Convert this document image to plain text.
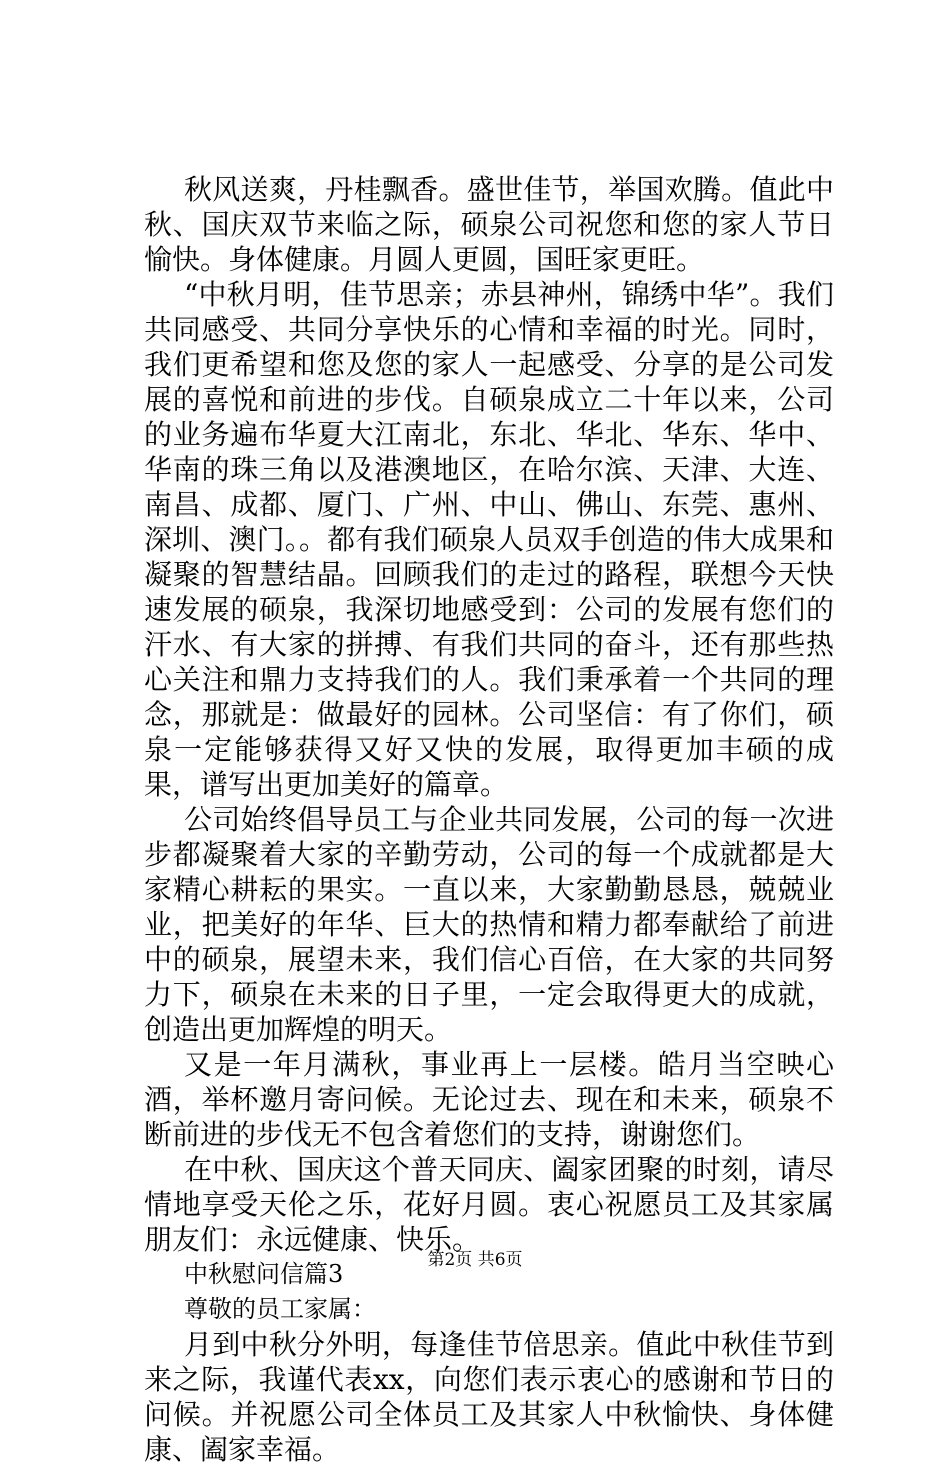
秋风送爽，丹桂飘香。盛世佳节，举国欢腾。值此中秋、国庆双节来临之际，硕泉公司祝您和您的家人节日愉快。身体健康。月圆人更圆，国旺家更旺。

“中秋月明，佳节思亲；赤县神州，锦绣中华”。我们共同感受、共同分享快乐的心情和幸福的时光。同时，我们更希望和您及您的家人一起感受、分享的是公司发展的喜悦和前进的步伐。自硕泉成立二十年以来，公司的业务遍布华夏大江南北，东北、华北、华东、华中、华南的珠三角以及港澳地区，在哈尔滨、天津、大连、南昌、成都、厦门、广州、中山、佛山、东莞、惠州、深圳、澳门。。都有我们硕泉人员双手创造的伟大成果和凝聚的智慧结晶。回顾我们的走过的路程，联想今天快速发展的硕泉，我深切地感受到：公司的发展有您们的汗水、有大家的拼搏、有我们共同的奋斗，还有那些热心关注和鼎力支持我们的人。我们秉承着一个共同的理念，那就是：做最好的园林。公司坚信：有了你们，硕泉一定能够获得又好又快的发展，取得更加丰硕的成果，谱写出更加美好的篇章。

公司始终倡导员工与企业共同发展，公司的每一次进步都凝聚着大家的辛勤劳动，公司的每一个成就都是大家精心耕耘的果实。一直以来，大家勤勤恳恳，兢兢业业，把美好的年华、巨大的热情和精力都奉献给了前进中的硕泉，展望未来，我们信心百倍，在大家的共同努力下，硕泉在未来的日子里，一定会取得更大的成就，创造出更加辉煌的明天。

又是一年月满秋，事业再上一层楼。皓月当空映心酒，举杯邀月寄问候。无论过去、现在和未来，硕泉不断前进的步伐无不包含着您们的支持，谢谢您们。

在中秋、国庆这个普天同庆、阖家团聚的时刻，请尽情地享受天伦之乐，花好月圆。衷心祝愿员工及其家属朋友们：永远健康、快乐。

中秋慰问信篇3

尊敬的员工家属：

月到中秋分外明，每逢佳节倍思亲。值此中秋佳节到来之际，我谨代表xx，向您们表示衷心的感谢和节日的问候。并祝愿公司全体员工及其家人中秋愉快、身体健康、阖家幸福。

第2页 共6页
